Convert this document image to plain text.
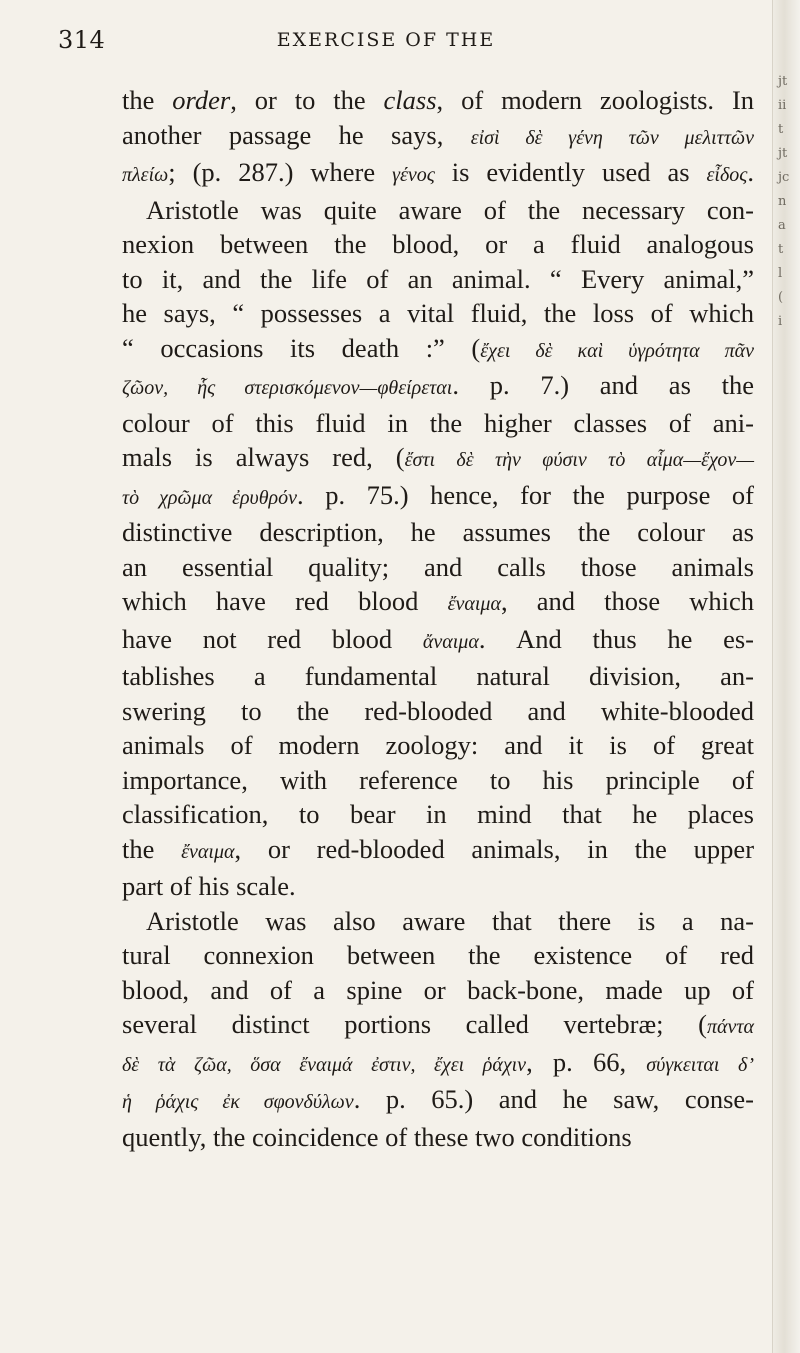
314	EXERCISE OF THE
the order, or to the class, of modern zoologists. In
another passage he says, εἰσὶ δὲ γένη τῶν μελιττῶν
πλείω; (p. 287.) where γένος is evidently used as εἶδος.
Aristotle was quite aware of the necessary con-
nexion between the blood, or a fluid analogous
to it, and the life of an animal. “ Every animal,”
he says, “ possesses a vital fluid, the loss of which
“ occasions its death :” (ἔχει δὲ καὶ ὑγρότητα πᾶν
ζῶον, ἧς στερισκόμενον—φθείρεται. p. 7.) and as the
colour of this fluid in the higher classes of ani-
mals is always red, (ἔστι δὲ τὴν φύσιν τὸ αἷμα—ἔχον—
τὸ χρῶμα ἐρυθρόν. p. 75.) hence, for the purpose of
distinctive description, he assumes the colour as
an essential quality; and calls those animals
which have red blood ἔναιμα, and those which
have not red blood ἄναιμα. And thus he es-
tablishes a fundamental natural division, an-
swering to the red-blooded and white-blooded
animals of modern zoology: and it is of great
importance, with reference to his principle of
classification, to bear in mind that he places
the ἔναιμα, or red-blooded animals, in the upper
part of his scale.
Aristotle was also aware that there is a na-
tural connexion between the existence of red
blood, and of a spine or back-bone, made up of
several distinct portions called vertebræ; (πάντα
δὲ τὰ ζῶα, ὅσα ἔναιμά ἐστιν, ἔχει ῥάχιν, p. 66, σύγκειται δ’
ἡ ῥάχις ἐκ σφονδύλων. p. 65.) and he saw, conse-
quently, the coincidence of these two conditions
jt
ii
t
jt
jc
n
a
t
l
(
i
